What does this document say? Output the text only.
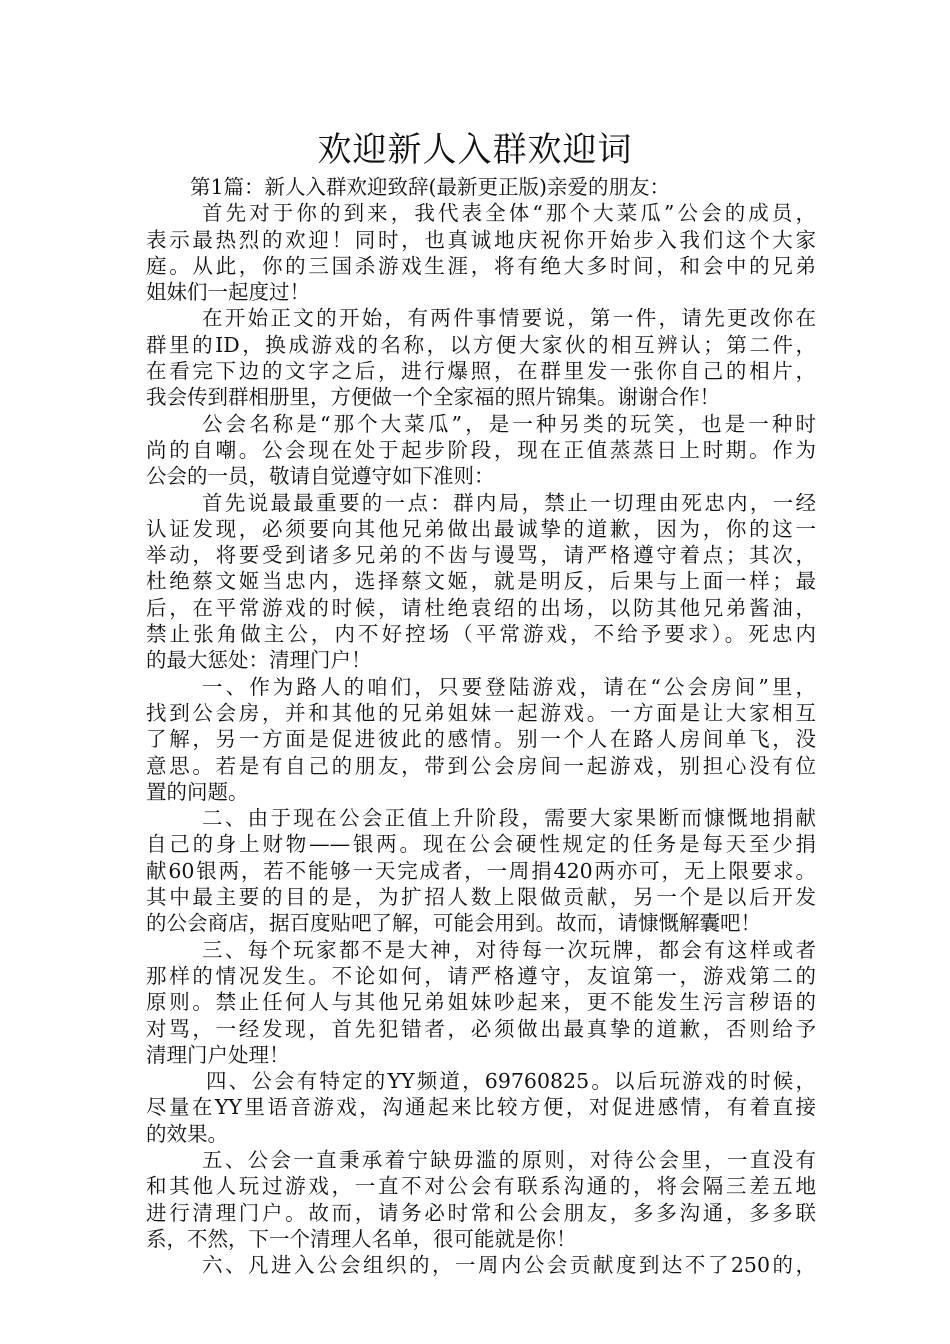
欢迎新人入群欢迎词
第1篇：新人入群欢迎致辞(最新更正版)亲爱的朋友：
首先对于你的到来，我代表全体“那个大菜瓜”公会的成员，
表示最热烈的欢迎！同时，也真诚地庆祝你开始步入我们这个大家
庭。从此，你的三国杀游戏生涯，将有绝大多时间，和会中的兄弟
姐妹们一起度过！
在开始正文的开始，有两件事情要说，第一件，请先更改你在
群里的ID，换成游戏的名称，以方便大家伙的相互辨认；第二件，
在看完下边的文字之后，进行爆照，在群里发一张你自己的相片，
我会传到群相册里，方便做一个全家福的照片锦集。谢谢合作！
公会名称是“那个大菜瓜”，是一种另类的玩笑，也是一种时
尚的自嘲。公会现在处于起步阶段，现在正值蒸蒸日上时期。作为
公会的一员，敬请自觉遵守如下准则：
首先说最最重要的一点：群内局，禁止一切理由死忠内，一经
认证发现，必须要向其他兄弟做出最诚挚的道歉，因为，你的这一
举动，将要受到诸多兄弟的不齿与谩骂，请严格遵守着点；其次，
杜绝蔡文姬当忠内，选择蔡文姬，就是明反，后果与上面一样；最
后，在平常游戏的时候，请杜绝袁绍的出场，以防其他兄弟酱油，
禁止张角做主公，内不好控场（平常游戏，不给予要求）。死忠内
的最大惩处：清理门户！
一、作为路人的咱们，只要登陆游戏，请在“公会房间”里，
找到公会房，并和其他的兄弟姐妹一起游戏。一方面是让大家相互
了解，另一方面是促进彼此的感情。别一个人在路人房间单飞，没
意思。若是有自己的朋友，带到公会房间一起游戏，别担心没有位
置的问题。
二、由于现在公会正值上升阶段，需要大家果断而慷慨地捐献
自己的身上财物——银两。现在公会硬性规定的任务是每天至少捐
献60银两，若不能够一天完成者，一周捐420两亦可，无上限要求。
其中最主要的目的是，为扩招人数上限做贡献，另一个是以后开发
的公会商店，据百度贴吧了解，可能会用到。故而，请慷慨解囊吧！
三、每个玩家都不是大神，对待每一次玩牌，都会有这样或者
那样的情况发生。不论如何，请严格遵守，友谊第一，游戏第二的
原则。禁止任何人与其他兄弟姐妹吵起来，更不能发生污言秽语的
对骂，一经发现，首先犯错者，必须做出最真挚的道歉，否则给予
清理门户处理！
四、公会有特定的YY频道，69760825。以后玩游戏的时候，
尽量在YY里语音游戏，沟通起来比较方便，对促进感情，有着直接
的效果。
五、公会一直秉承着宁缺毋滥的原则，对待公会里，一直没有
和其他人玩过游戏，一直不对公会有联系沟通的，将会隔三差五地
进行清理门户。故而，请务必时常和公会朋友，多多沟通，多多联
系，不然，下一个清理人名单，很可能就是你！
六、凡进入公会组织的，一周内公会贡献度到达不了250的，
